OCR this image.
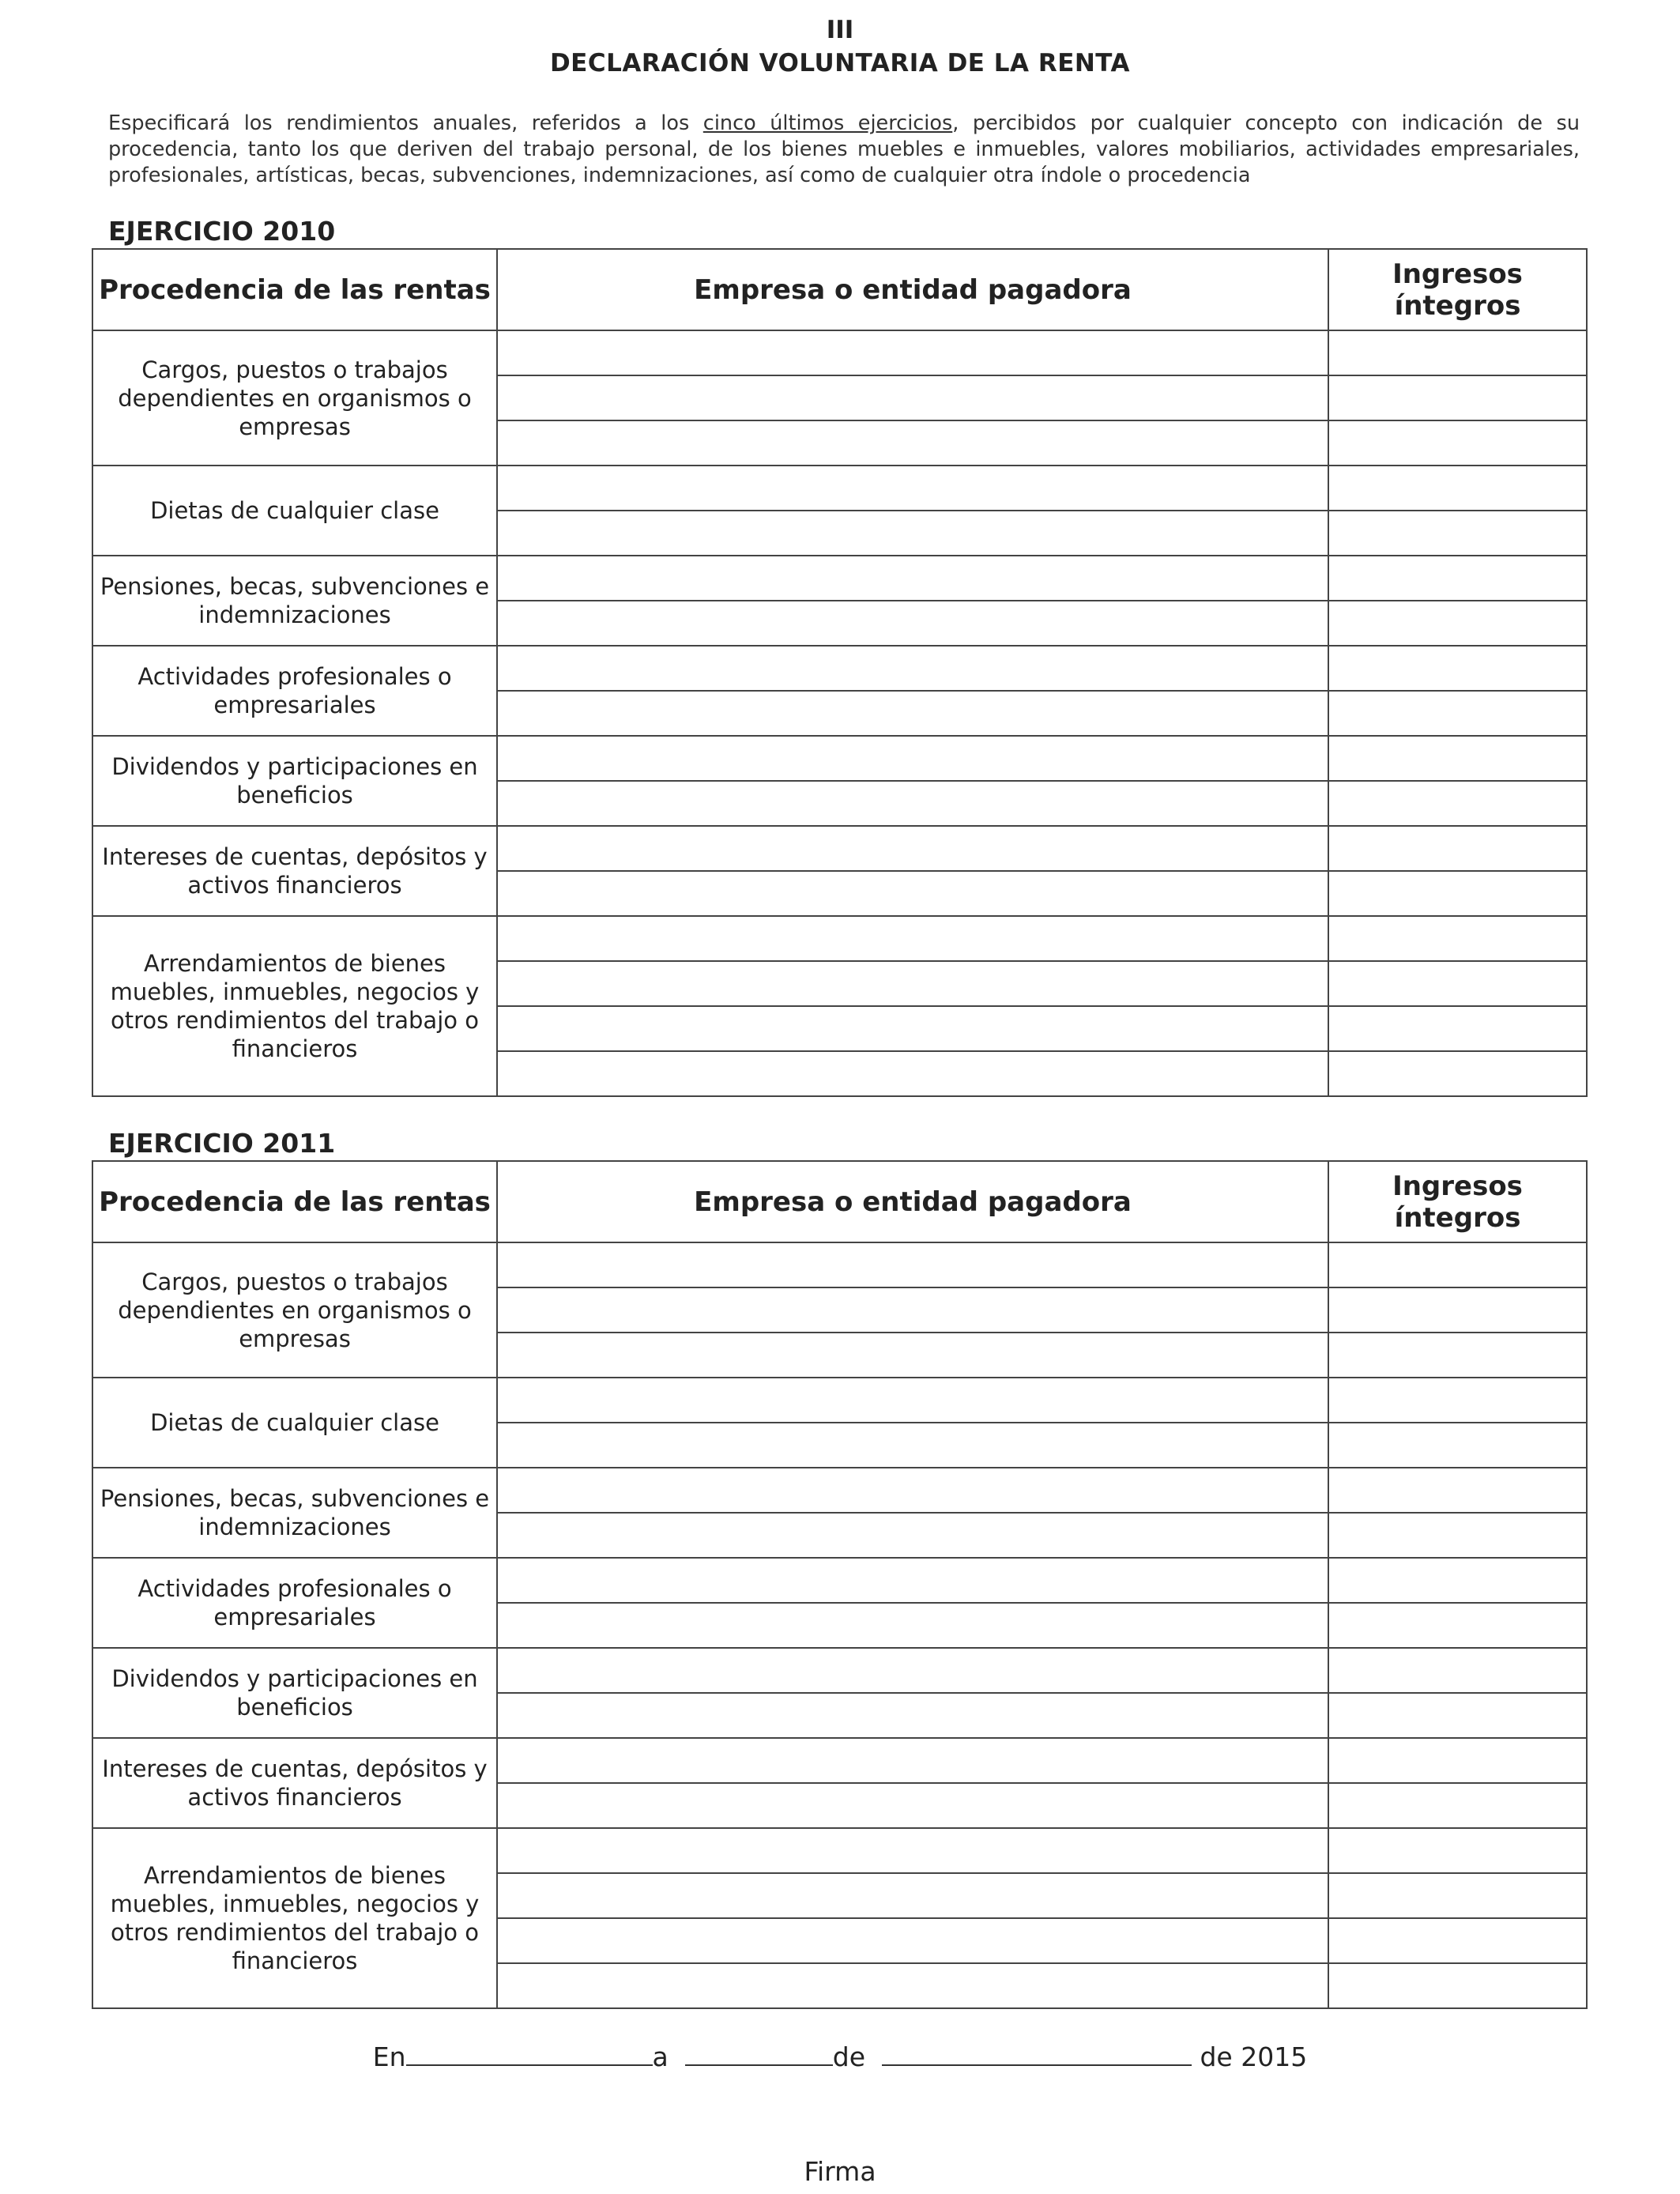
III
DECLARACIÓN VOLUNTARIA DE LA RENTA
Especificará los rendimientos anuales, referidos a los cinco últimos ejercicios, percibidos por cualquier concepto con indicación de su procedencia, tanto los que deriven del trabajo personal, de los bienes muebles e inmuebles, valores mobiliarios, actividades empresariales, profesionales, artísticas, becas, subvenciones, indemnizaciones, así como de cualquier otra índole o procedencia
EJERCICIO 2010
Procedencia de las rentas	Empresa o entidad pagadora	Ingresos íntegros
Cargos, puestos o trabajos dependientes en organismos o empresas		

Dietas de cualquier clase		

Pensiones, becas, subvenciones e indemnizaciones		

Actividades profesionales o empresariales		

Dividendos y participaciones en beneficios		

Intereses de cuentas, depósitos y activos financieros		

Arrendamientos de bienes muebles, inmuebles, negocios y otros rendimientos del trabajo o financieros		

EJERCICIO 2011
Procedencia de las rentas	Empresa o entidad pagadora	Ingresos íntegros
Cargos, puestos o trabajos dependientes en organismos o empresas		

Dietas de cualquier clase		

Pensiones, becas, subvenciones e indemnizaciones		

Actividades profesionales o empresariales		

Dividendos y participaciones en beneficios		

Intereses de cuentas, depósitos y activos financieros		

Arrendamientos de bienes muebles, inmuebles, negocios y otros rendimientos del trabajo o financieros		

En	a	de	de 2015
Firma
